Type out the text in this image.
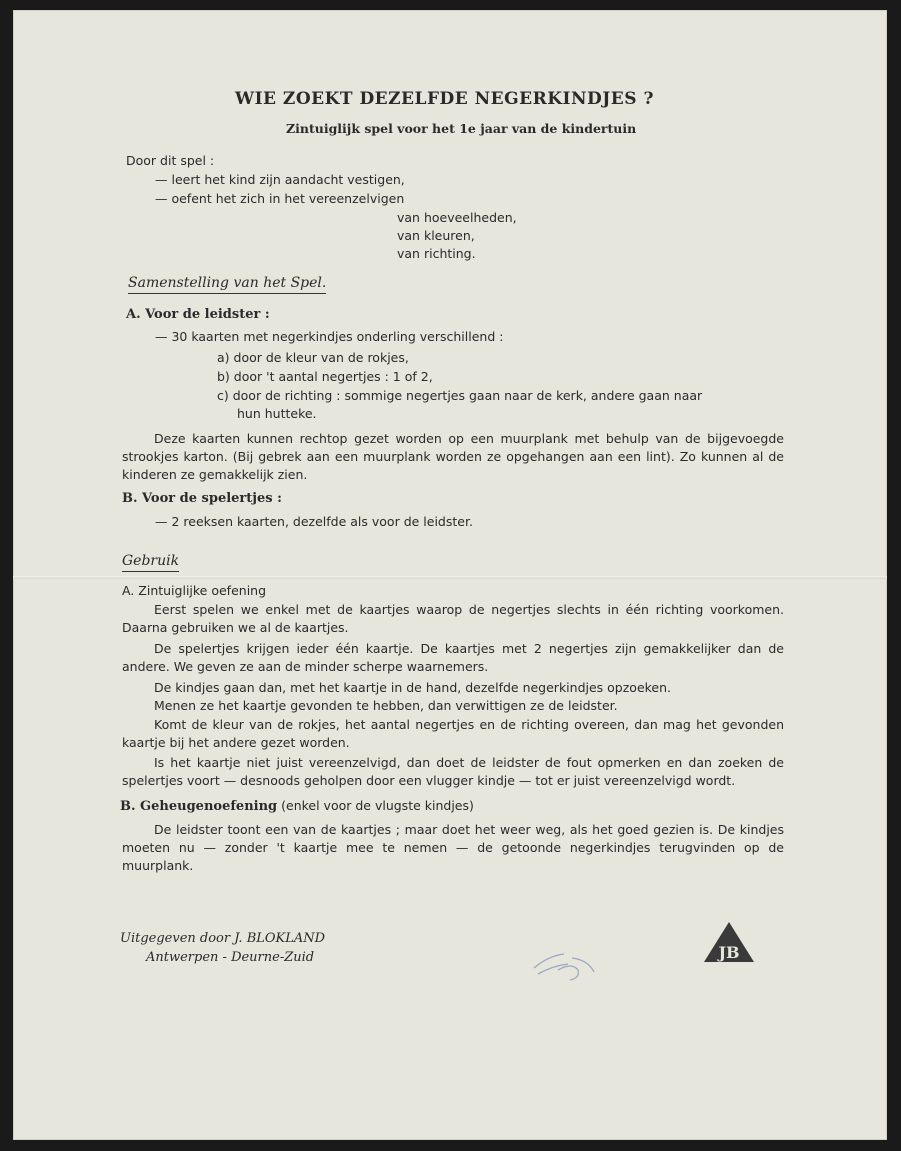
WIE ZOEKT DEZELFDE NEGERKINDJES ?

Zintuiglijk spel voor het 1e jaar van de kindertuin

Door dit spel :

— leert het kind zijn aandacht vestigen,

— oefent het zich in het vereenzelvigen

van hoeveelheden,

van kleuren,

van richting.

Samenstelling van het Spel.

A. Voor de leidster :

— 30 kaarten met negerkindjes onderling verschillend :

a) door de kleur van de rokjes,

b) door 't aantal negertjes : 1 of 2,

c) door de richting : sommige negertjes gaan naar de kerk, andere gaan naar

hun hutteke.

Deze kaarten kunnen rechtop gezet worden op een muurplank met behulp van de bijgevoegde strookjes karton. (Bij gebrek aan een muurplank worden ze opgehangen aan een lint). Zo kunnen al de kinderen ze gemakkelijk zien.

B. Voor de spelertjes :

— 2 reeksen kaarten, dezelfde als voor de leidster.

Gebruik

A. Zintuiglijke oefening

Eerst spelen we enkel met de kaartjes waarop de negertjes slechts in één richting voorkomen. Daarna gebruiken we al de kaartjes.

De spelertjes krijgen ieder één kaartje. De kaartjes met 2 negertjes zijn gemakkelijker dan de andere. We geven ze aan de minder scherpe waarnemers.

De kindjes gaan dan, met het kaartje in de hand, dezelfde negerkindjes opzoeken.

Menen ze het kaartje gevonden te hebben, dan verwittigen ze de leidster.

Komt de kleur van de rokjes, het aantal negertjes en de richting overeen, dan mag het gevonden kaartje bij het andere gezet worden.

Is het kaartje niet juist vereenzelvigd, dan doet de leidster de fout opmerken en dan zoeken de spelertjes voort — desnoods geholpen door een vlugger kindje — tot er juist vereenzelvigd wordt.

B. Geheugenoefening (enkel voor de vlugste kindjes)

De leidster toont een van de kaartjes ; maar doet het weer weg, als het goed gezien is. De kindjes moeten nu — zonder 't kaartje mee te nemen — de getoonde negerkindjes terugvinden op de muurplank.

Uitgegeven door J. BLOKLAND

Antwerpen - Deurne-Zuid	JB
